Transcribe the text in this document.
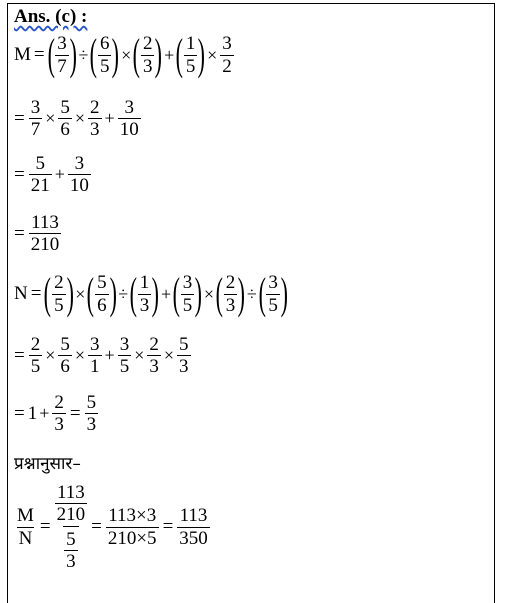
Ans. (c) :
M = ( $\frac{3}{7}$ ) ÷ ( $\frac{6}{5}$ ) × ( $\frac{2}{3}$ ) + ( $\frac{1}{5}$ ) × $\frac{3}{2}$
= $\frac{3}{7} \times \frac{5}{6} \times \frac{2}{3} + \frac{3}{10}$
= $\frac{5}{21} + \frac{3}{10}$
= $\frac{113}{210}$
N = ( $\frac{2}{5}$ ) × ( $\frac{5}{6}$ ) ÷ ( $\frac{1}{3}$ ) + ( $\frac{3}{5}$ ) × ( $\frac{2}{3}$ ) ÷ ( $\frac{3}{5}$ )
= $\frac{2}{5} \times \frac{5}{6} \times \frac{3}{1} + \frac{3}{5} \times \frac{2}{3} \times \frac{5}{3}$
= $1 + \frac{2}{3} = \frac{5}{3}$
प्रश्नानुसार–
$\frac{M}{N} = \frac{\frac{113}{210}}{\frac{5}{3}} = \frac{113\times 3}{210\times 5} = \frac{113}{350}$
